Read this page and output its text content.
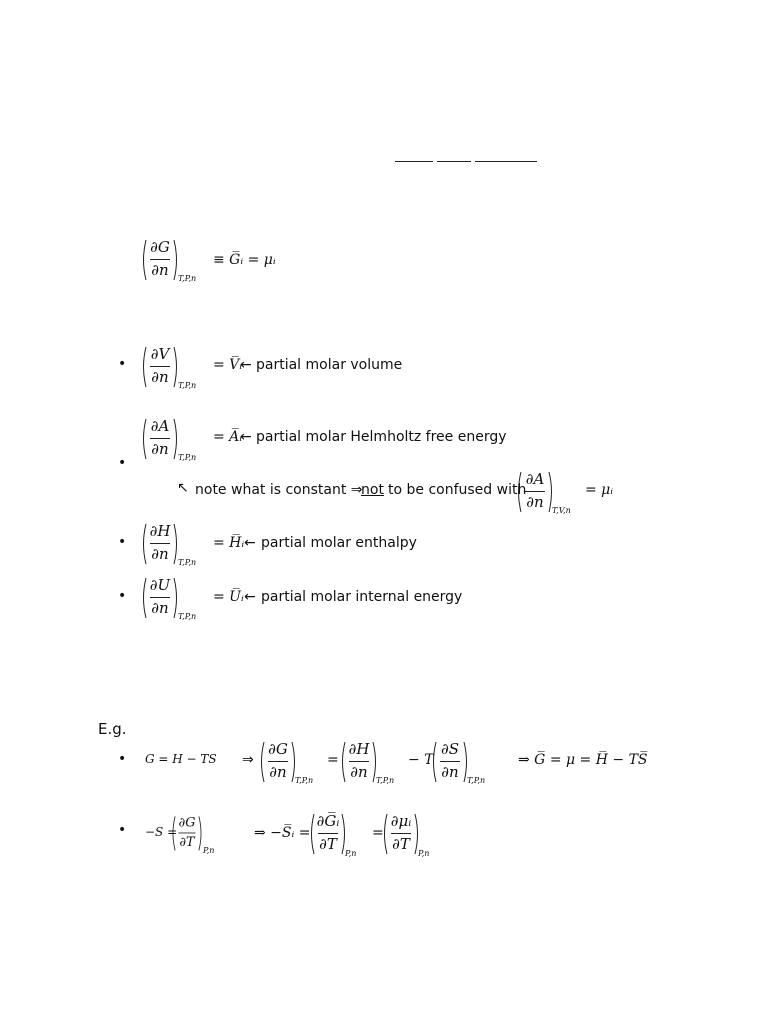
∂G
∂n	T,P,n
≡ G̅ᵢ = μᵢ
•
∂V
∂n	T,P,n
= V̅ᵢ
← partial molar volume
•
∂A
∂n	T,P,n
= A̅ᵢ
← partial molar Helmholtz free energy
↖ note what is constant ⇒
not to be confused with
∂A
∂n	T,V,n
= μᵢ
•
∂H
∂n	T,P,n
= H̅ᵢ ← partial molar enthalpy
•
∂U
∂n	T,P,n
= U̅ᵢ ← partial molar internal energy
E.g.
• G = H − TS ⇒
∂G
∂n	T,P,n
=
∂H
∂n	T,P,n
− T
∂S
∂n	T,P,n
⇒ G̅ = μ = H̅ − TS̅
• −S =
∂G
∂T
P,n
⇒ −S̅ᵢ =
∂G̅ᵢ
∂T
P,n
=
∂μᵢ
∂T
P,n
